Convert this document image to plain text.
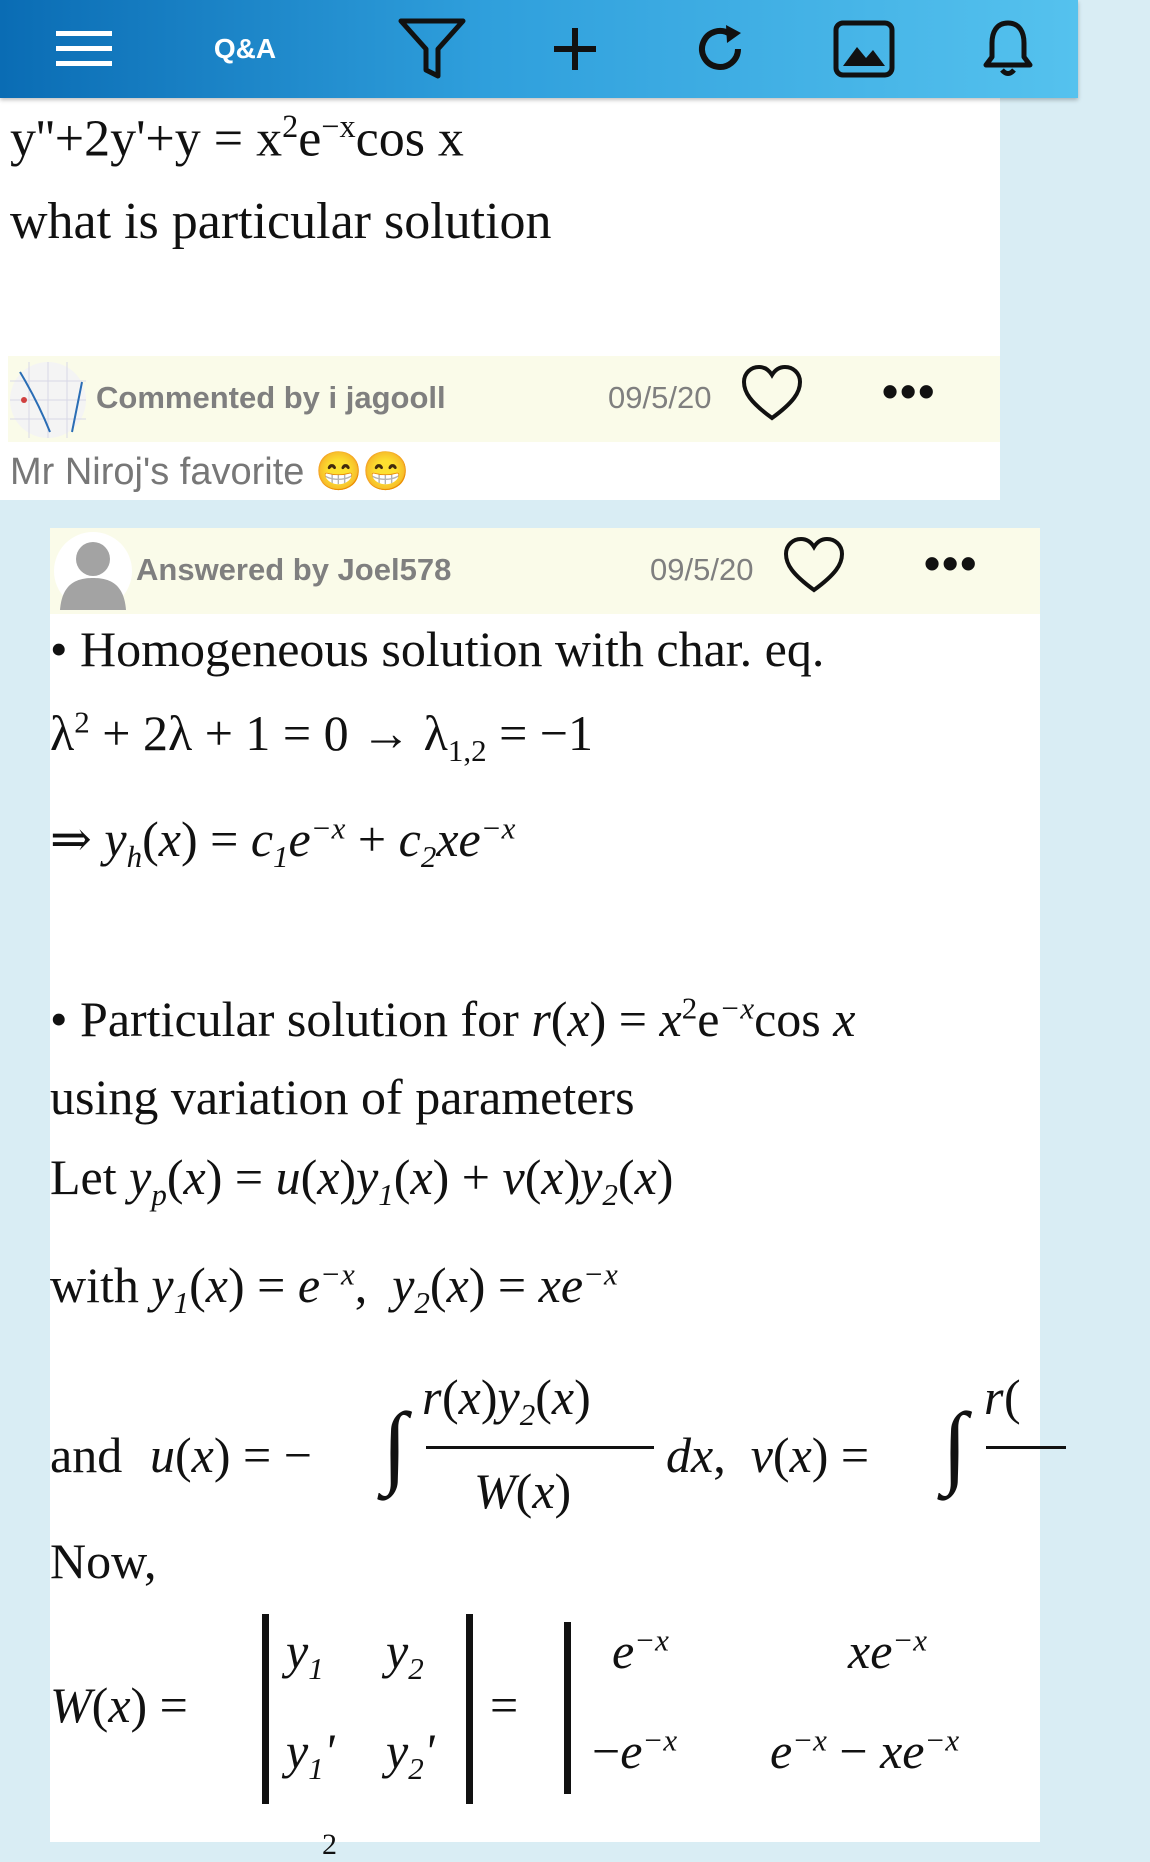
Q&A
$y''+2y'+y = x^2e^{-x}\cos$ x
what is particular solution
Commented by i jagooll	09/5/20	•••
Mr Niroj's favorite 😁😁
Answered by Joel578	09/5/20	•••
• Homogeneous solution with char. eq.
$\lambda^2 + 2\lambda + 1 = 0 \to \lambda_{1,2} = -1$
⇒ $y_h(x) = c_1e^{-x} + c_2xe^{-x}$
• Particular solution for $r(x) = x^2e^{-x}\cos$ x
using variation of parameters
Let $y_p(x) = u(x)y_1(x) + v(x)y_2(x)$
with $y_1(x) = e^{-x}$,  $y_2(x) = xe^{-x}$
and u(x) = − ∫ r $(x)y_2(x)$
W(x)
dx,  v(x) = ∫ r (
Now,
W(x) =
$y_1$ $y_2$
$y_1'$ $y_2'$
=
$e^{-x}$	$xe^{-x}$
$-e^{-x}$ $e^{-x} - xe^{-x}$
2
